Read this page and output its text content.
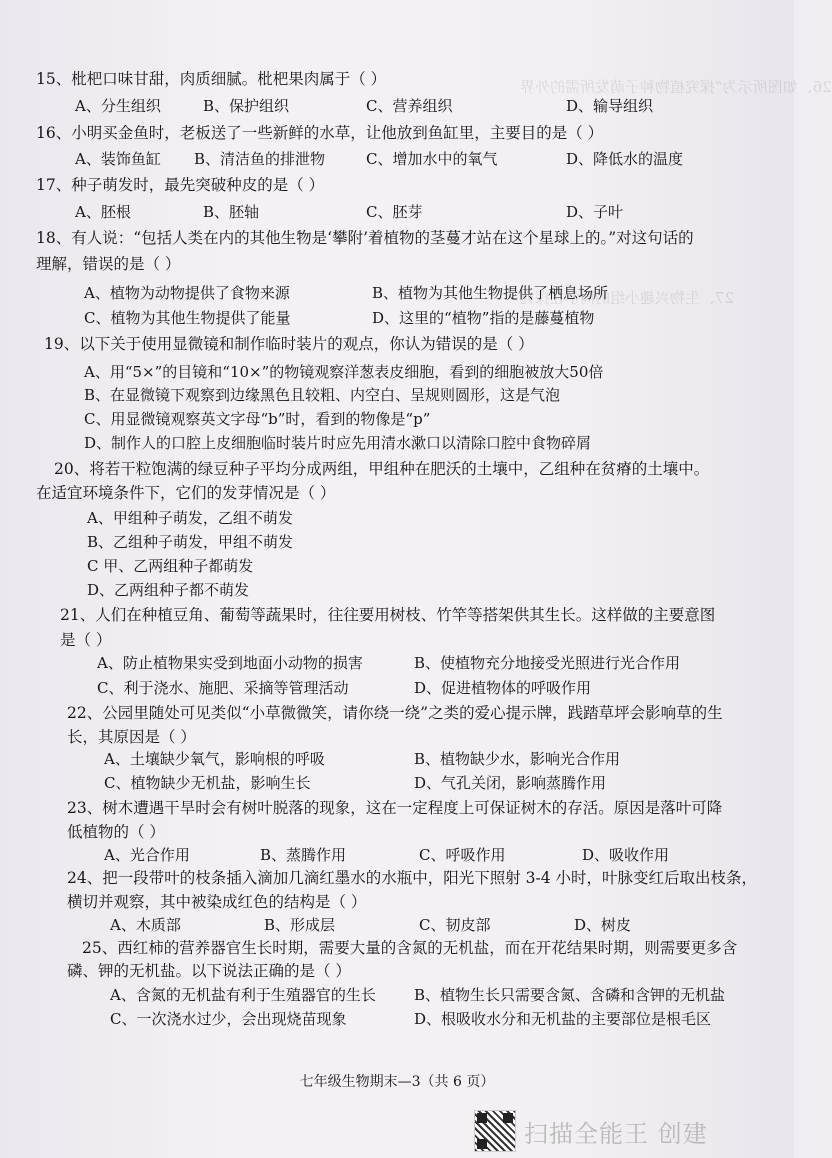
26、如图所示为“探究植物种子萌发所需的外界
27、生物兴趣小组的同学在探究
15、枇杷口味甘甜，肉质细腻。枇杷果肉属于（ ）
A、分生组织	B、保护组织	C、营养组织	D、输导组织
16、小明买金鱼时，老板送了一些新鲜的水草，让他放到鱼缸里，主要目的是（ ）
A、装饰鱼缸 B、清洁鱼的排泄物	C、增加水中的氧气	D、降低水的温度
17、种子萌发时，最先突破种皮的是（ ）
A、胚根	B、胚轴	C、胚芽	D、子叶
18、有人说：“包括人类在内的其他生物是‘攀附’着植物的茎蔓才站在这个星球上的。”对这句话的
理解，错误的是（ ）
A、植物为动物提供了食物来源	B、植物为其他生物提供了栖息场所
C、植物为其他生物提供了能量	D、这里的“植物”指的是藤蔓植物
19、以下关于使用显微镜和制作临时装片的观点，你认为错误的是（ ）
A、用“5×”的目镜和“10×”的物镜观察洋葱表皮细胞，看到的细胞被放大50倍
B、在显微镜下观察到边缘黑色且较粗、内空白、呈规则圆形，这是气泡
C、用显微镜观察英文字母“b”时，看到的物像是“p”
D、制作人的口腔上皮细胞临时装片时应先用清水漱口以清除口腔中食物碎屑
20、将若干粒饱满的绿豆种子平均分成两组，甲组种在肥沃的土壤中，乙组种在贫瘠的土壤中。
在适宜环境条件下，它们的发芽情况是（ ）
A、甲组种子萌发，乙组不萌发
B、乙组种子萌发，甲组不萌发
C 甲、乙两组种子都萌发
D、乙两组种子都不萌发
21、人们在种植豆角、葡萄等蔬果时，往往要用树枝、竹竿等搭架供其生长。这样做的主要意图
是（ ）
A、防止植物果实受到地面小动物的损害	B、使植物充分地接受光照进行光合作用
C、利于浇水、施肥、采摘等管理活动	D、促进植物体的呼吸作用
22、公园里随处可见类似“小草微微笑，请你绕一绕”之类的爱心提示牌，践踏草坪会影响草的生
长，其原因是（ ）
A、土壤缺少氧气，影响根的呼吸	B、植物缺少水，影响光合作用
C、植物缺少无机盐，影响生长	D、气孔关闭，影响蒸腾作用
23、树木遭遇干旱时会有树叶脱落的现象，这在一定程度上可保证树木的存活。原因是落叶可降
低植物的（ ）
A、光合作用	B、蒸腾作用	C、呼吸作用	D、吸收作用
24、把一段带叶的枝条插入滴加几滴红墨水的水瓶中，阳光下照射 3-4 小时，叶脉变红后取出枝条，
横切并观察，其中被染成红色的结构是（ ）
A、木质部	B、形成层	C、韧皮部	D、树皮
25、西红柿的营养器官生长时期，需要大量的含氮的无机盐，而在开花结果时期，则需要更多含
磷、钾的无机盐。以下说法正确的是（ ）
A、含氮的无机盐有利于生殖器官的生长	B、植物生长只需要含氮、含磷和含钾的无机盐
C、一次浇水过少，会出现烧苗现象	D、根吸收水分和无机盐的主要部位是根毛区
七年级生物期末—3（共 6 页）
扫描全能王 创建
